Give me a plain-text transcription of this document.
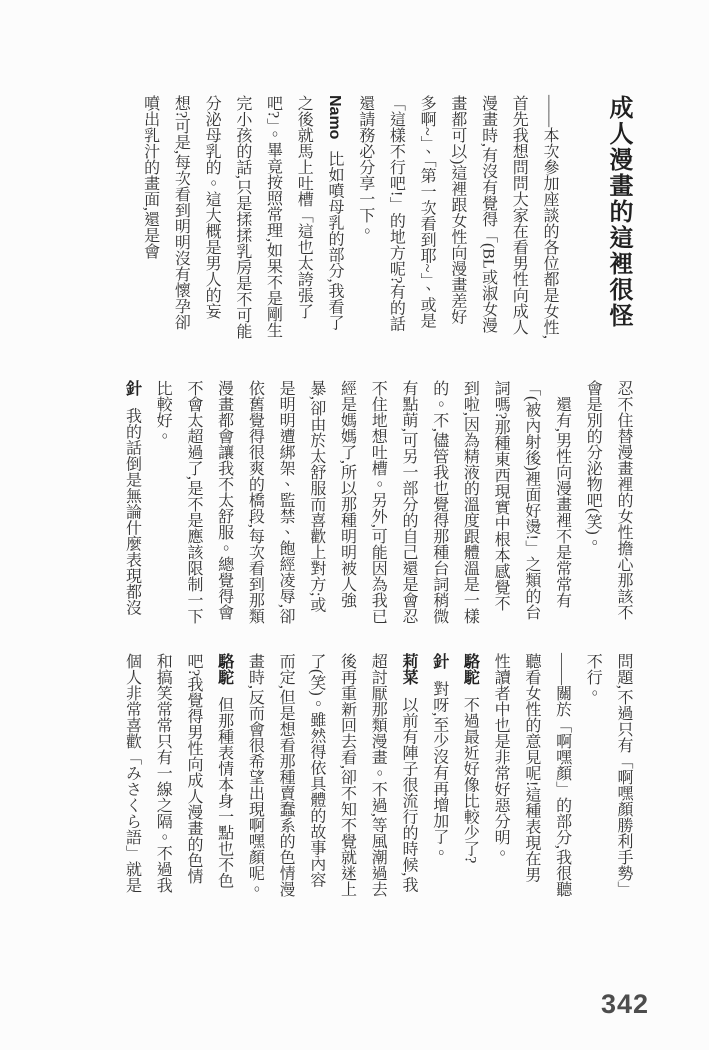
成人漫畫的這裡很怪

——本次參加座談的各位都是女性,首先我想問問大家在看男性向成人漫畫時,有沒有覺得「(BL或淑女漫畫都可以)這裡跟女性向漫畫差好多啊~」、「第一次看到耶~」、或是「這樣不行吧!」的地方呢?有的話還請務必分享一下。

Namo比如噴母乳的部分,我看了之後就馬上吐槽「這也太誇張了吧?」。畢竟按照常理,如果不是剛生完小孩的話,只是揉揉乳房是不可能分泌母乳的。這大概是男人的妄想?可是,每次看到明明沒有懷孕卻噴出乳汁的畫面,還是會

忍不住替漫畫裡的女性擔心那該不會是別的分泌物吧(笑)。

還有,男性向漫畫裡不是常常有「(被內射後)裡面好燙!」之類的台詞嗎?那種東西現實中根本感覺不到啦,因為精液的溫度跟體溫是一樣的。不,儘管我也覺得那種台詞稍微有點萌,可另一部分的自己還是會忍不住地想吐槽。另外,可能因為我已經是媽媽了,所以那種明明被人強暴,卻由於太舒服而喜歡上對方;或是明明遭綁架、監禁、飽經凌辱,卻依舊覺得很爽的橋段,每次看到那類漫畫都會讓我不太舒服。總覺得會不會太超過了,是不是應該限制一下比較好。

針我的話倒是無論什麼表現都沒

問題,不過只有「啊嘿顏勝利手勢」不行。

——關於「啊嘿顏」的部分,我很聽聽看女性的意見呢!這種表現在男性讀者中也是非常好惡分明。

駱駝不過最近好像比較少了?

針對呀,至少沒有再增加了。

莉菜以前有陣子很流行的時候,我超討厭那類漫畫。不過,等風潮過去後再重新回去看,卻不知不覺就迷上了(笑)。雖然得依具體的故事內容而定,但是想看那種賣蠢系的色情漫畫時,反而會很希望出現啊嘿顏呢。

駱駝但那種表情本身一點也不色吧?我覺得男性向成人漫畫的色情和搞笑常常只有一線之隔。不過我個人非常喜歡「みさくら語」就是

342
